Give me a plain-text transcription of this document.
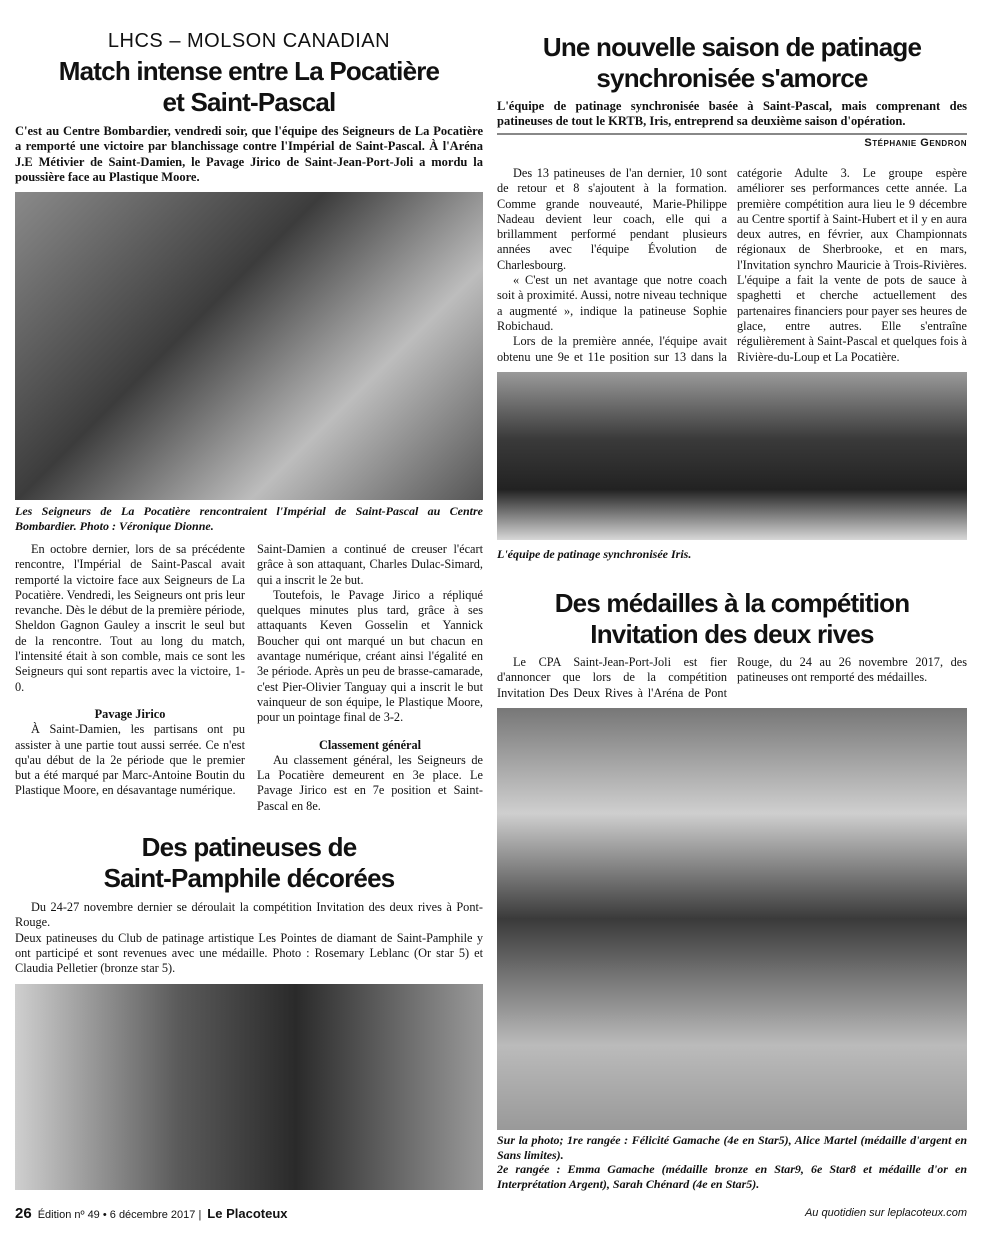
LHCS – MOLSON CANADIAN
Match intense entre La Pocatière
et Saint-Pascal
C'est au Centre Bombardier, vendredi soir, que l'équipe des Seigneurs de La Pocatière a remporté une victoire par blanchissage contre l'Impérial de Saint-Pascal. À l'Aréna J.E Métivier de Saint-Damien, le Pavage Jirico de Saint-Jean-Port-Joli a mordu la poussière face au Plastique Moore.
Les Seigneurs de La Pocatière rencontraient l'Impérial de Saint-Pascal au Centre Bombardier. Photo : Véronique Dionne.

En octobre dernier, lors de sa précédente rencontre, l'Impérial de Saint-Pascal avait remporté la victoire face aux Seigneurs de La Pocatière. Vendredi, les Seigneurs ont pris leur revanche. Dès le début de la première période, Sheldon Gagnon Gauley a inscrit le seul but de la rencontre. Tout au long du match, l'intensité était à son comble, mais ce sont les Seigneurs qui sont repartis avec la victoire, 1-0.

Pavage Jirico

À Saint-Damien, les partisans ont pu assister à une partie tout aussi serrée. Ce n'est qu'au début de la 2e période que le premier but a été marqué par Marc-Antoine Boutin du Plastique Moore, en désavantage numérique.

Saint-Damien a continué de creuser l'écart grâce à son attaquant, Charles Dulac-Simard, qui a inscrit le 2e but.

Toutefois, le Pavage Jirico a répliqué quelques minutes plus tard, grâce à ses attaquants Keven Gosselin et Yannick Boucher qui ont marqué un but chacun en avantage numérique, créant ainsi l'égalité en 3e période. Après un peu de brasse-camarade, c'est Pier-Olivier Tanguay qui a inscrit le but vainqueur de son équipe, le Plastique Moore, pour un pointage final de 3-2.

Classement général

Au classement général, les Seigneurs de La Pocatière demeurent en 3e place. Le Pavage Jirico est en 7e position et Saint-Pascal en 8e.

Des patineuses de
Saint-Pamphile décorées

Du 24-27 novembre dernier se déroulait la compétition Invitation des deux rives à Pont-Rouge.

Deux patineuses du Club de patinage artistique Les Pointes de diamant de Saint-Pamphile y ont participé et sont revenues avec une médaille. Photo : Rosemary Leblanc (Or star 5) et Claudia Pelletier (bronze star 5).

Une nouvelle saison de patinage
synchronisée s'amorce
L'équipe de patinage synchronisée basée à Saint-Pascal, mais comprenant des patineuses de tout le KRTB, Iris, entreprend sa deuxième saison d'opération.
Stéphanie Gendron

Des 13 patineuses de l'an dernier, 10 sont de retour et 8 s'ajoutent à la formation. Comme grande nouveauté, Marie-Philippe Nadeau devient leur coach, elle qui a brillamment performé pendant plusieurs années avec l'équipe Évolution de Charlesbourg.

« C'est un net avantage que notre coach soit à proximité. Aussi, notre niveau technique a augmenté », indique la patineuse Sophie Robichaud.

Lors de la première année, l'équipe avait obtenu une 9e et 11e position sur 13 dans la catégorie Adulte 3. Le groupe espère améliorer ses performances cette année. La première compétition aura lieu le 9 décembre au Centre sportif à Saint-Hubert et il y en aura deux autres, en février, aux Championnats régionaux de Sherbrooke, et en mars, l'Invitation synchro Mauricie à Trois-Rivières. L'équipe a fait la vente de pots de sauce à spaghetti et cherche actuellement des partenaires financiers pour payer ses heures de glace, entre autres. Elle s'entraîne régulièrement à Saint-Pascal et quelques fois à Rivière-du-Loup et La Pocatière.

L'équipe de patinage synchronisée Iris.
Des médailles à la compétition
Invitation des deux rives

Le CPA Saint-Jean-Port-Joli est fier d'annoncer que lors de la compétition Invitation Des Deux Rives à l'Aréna de Pont Rouge, du 24 au 26 novembre 2017, des patineuses ont remporté des médailles.

Sur la photo; 1re rangée : Félicité Gamache (4e en Star5), Alice Martel (médaille d'argent en Sans limites).
2e rangée : Emma Gamache (médaille bronze en Star9, 6e Star8 et médaille d'or en Interprétation Argent), Sarah Chénard (4e en Star5).
26 Édition nº 49 • 6 décembre 2017 | Le Placoteux	Au quotidien sur leplacoteux.com
